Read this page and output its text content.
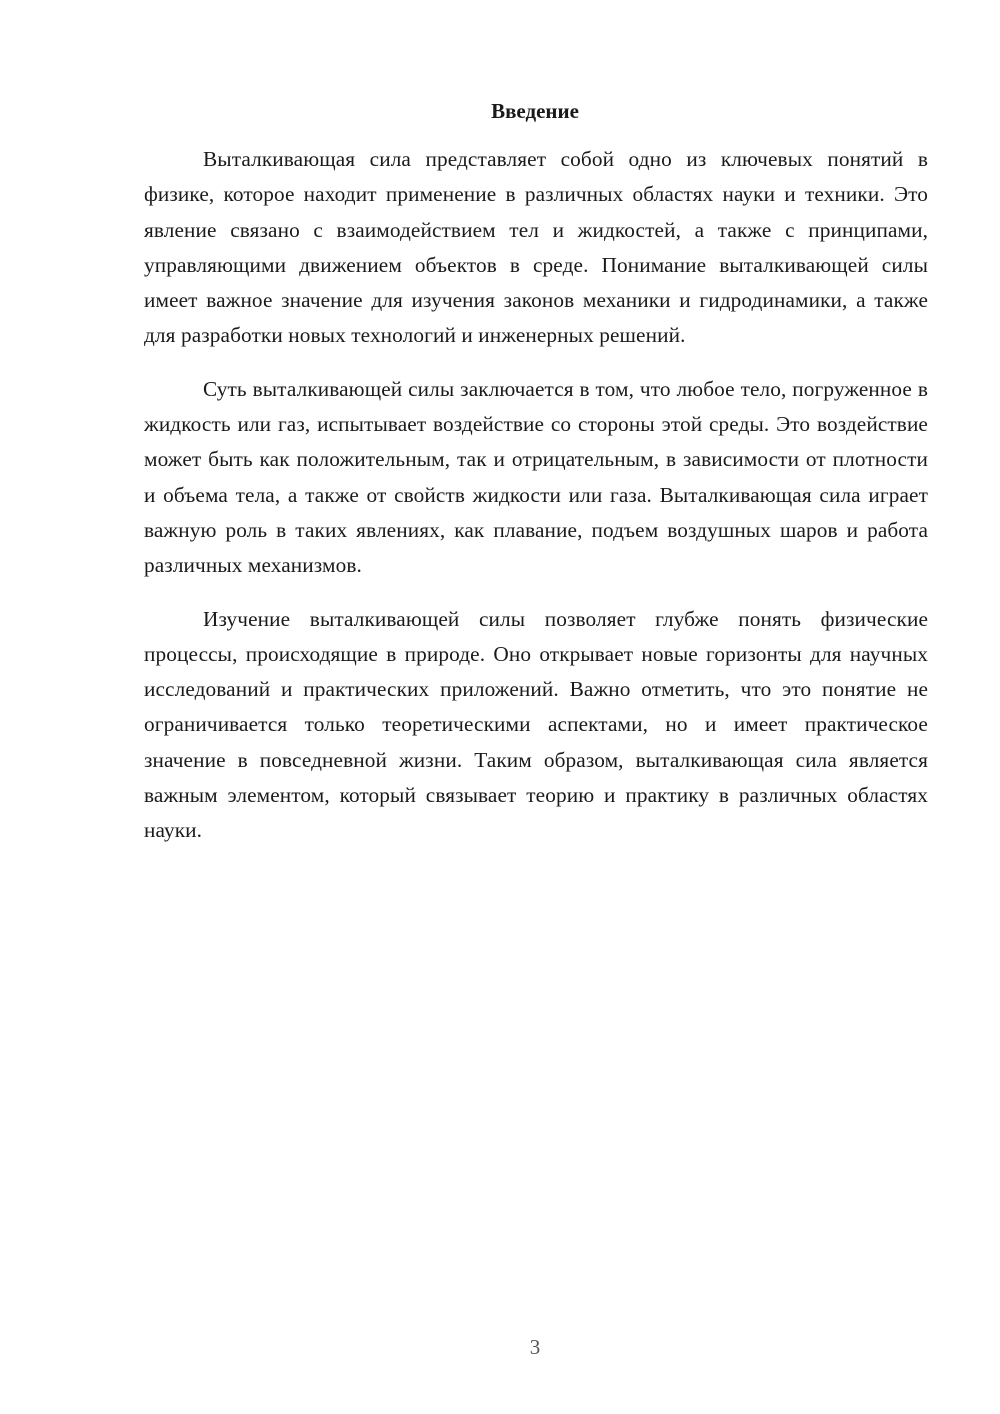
Введение

Выталкивающая сила представляет собой одно из ключевых понятий в физике, которое находит применение в различных областях науки и техники. Это явление связано с взаимодействием тел и жидкостей, а также с принципами, управляющими движением объектов в среде. Понимание выталкивающей силы имеет важное значение для изучения законов механики и гидродинамики, а также для разработки новых технологий и инженерных решений.

Суть выталкивающей силы заключается в том, что любое тело, погруженное в жидкость или газ, испытывает воздействие со стороны этой среды. Это воздействие может быть как положительным, так и отрицательным, в зависимости от плотности и объема тела, а также от свойств жидкости или газа. Выталкивающая сила играет важную роль в таких явлениях, как плавание, подъем воздушных шаров и работа различных механизмов.

Изучение выталкивающей силы позволяет глубже понять физические процессы, происходящие в природе. Оно открывает новые горизонты для научных исследований и практических приложений. Важно отметить, что это понятие не ограничивается только теоретическими аспектами, но и имеет практическое значение в повседневной жизни. Таким образом, выталкивающая сила является важным элементом, который связывает теорию и практику в различных областях науки.

3
